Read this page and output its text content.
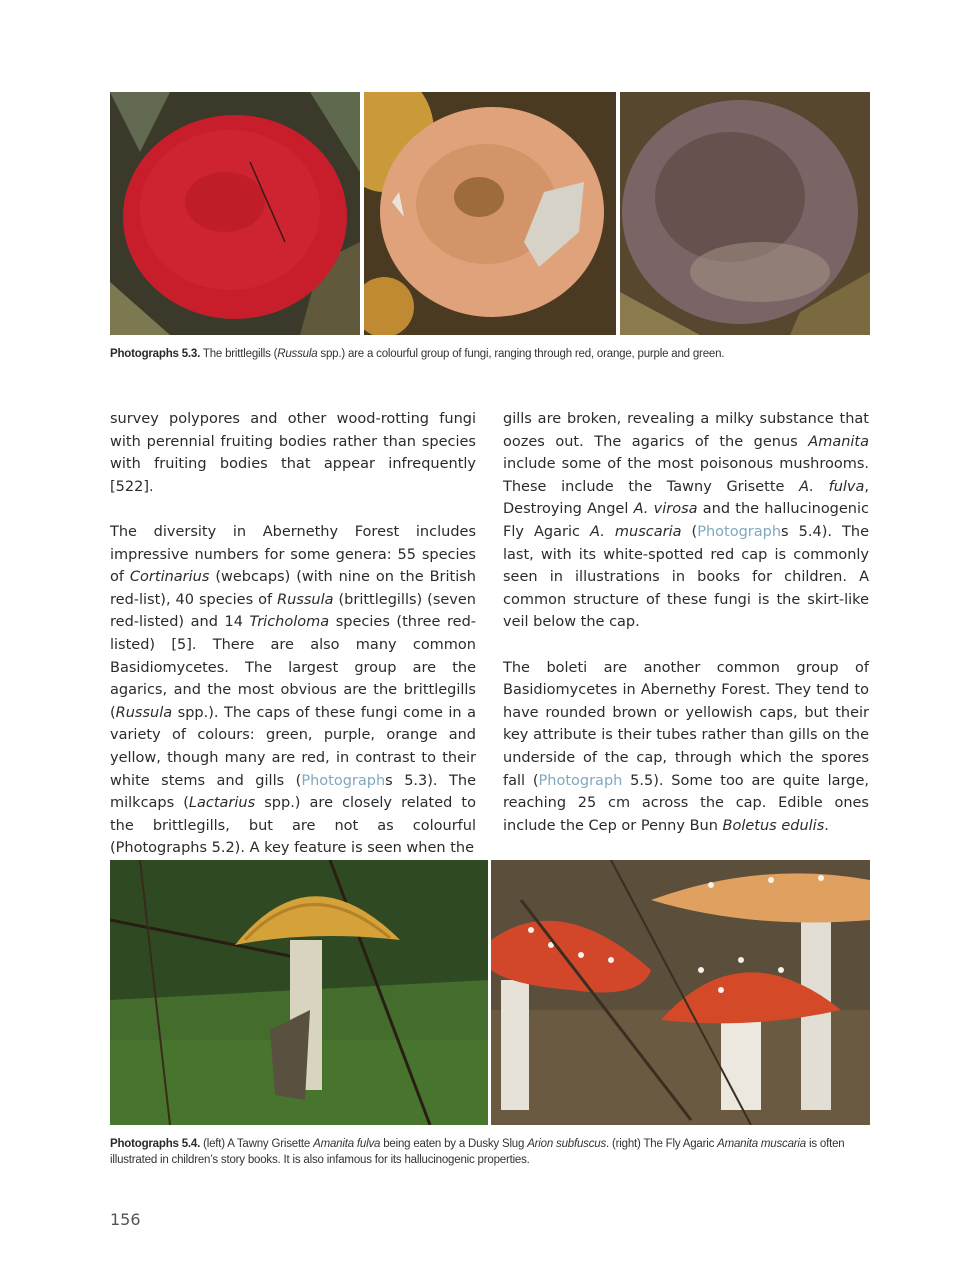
Photographs 5.3. The brittlegills (Russula spp.) are a colourful group of fungi, ranging through red, orange, purple and green.

survey polypores and other wood-rotting fungi with perennial fruiting bodies rather than species with fruiting bodies that appear infrequently [522].

The diversity in Abernethy Forest includes impressive numbers for some genera: 55 species of Cortinarius (webcaps) (with nine on the British red-list), 40 species of Russula (brittlegills) (seven red-listed) and 14 Tricholoma species (three red-listed) [5]. There are also many common Basidiomycetes. The largest group are the agarics, and the most obvious are the brittlegills (Russula spp.). The caps of these fungi come in a variety of colours: green, purple, orange and yellow, though many are red, in contrast to their white stems and gills (Photographs 5.3). The milkcaps (Lactarius spp.) are closely related to the brittlegills, but are not as colourful (Photographs 5.2). A key feature is seen when the

gills are broken, revealing a milky substance that oozes out. The agarics of the genus Amanita include some of the most poisonous mushrooms. These include the Tawny Grisette A. fulva, Destroying Angel A. virosa and the hallucinogenic Fly Agaric A. muscaria (Photographs 5.4). The last, with its white-spotted red cap is commonly seen in illustrations in books for children. A common structure of these fungi is the skirt-like veil below the cap.

The boleti are another common group of Basidiomycetes in Abernethy Forest. They tend to have rounded brown or yellowish caps, but their key attribute is their tubes rather than gills on the underside of the cap, through which the spores fall (Photograph 5.5). Some too are quite large, reaching 25 cm across the cap. Edible ones include the Cep or Penny Bun Boletus edulis.

Photographs 5.4. (left) A Tawny Grisette Amanita fulva being eaten by a Dusky Slug Arion subfuscus. (right) The Fly Agaric Amanita muscaria is often illustrated in children’s story books. It is also infamous for its hallucinogenic properties.
156
